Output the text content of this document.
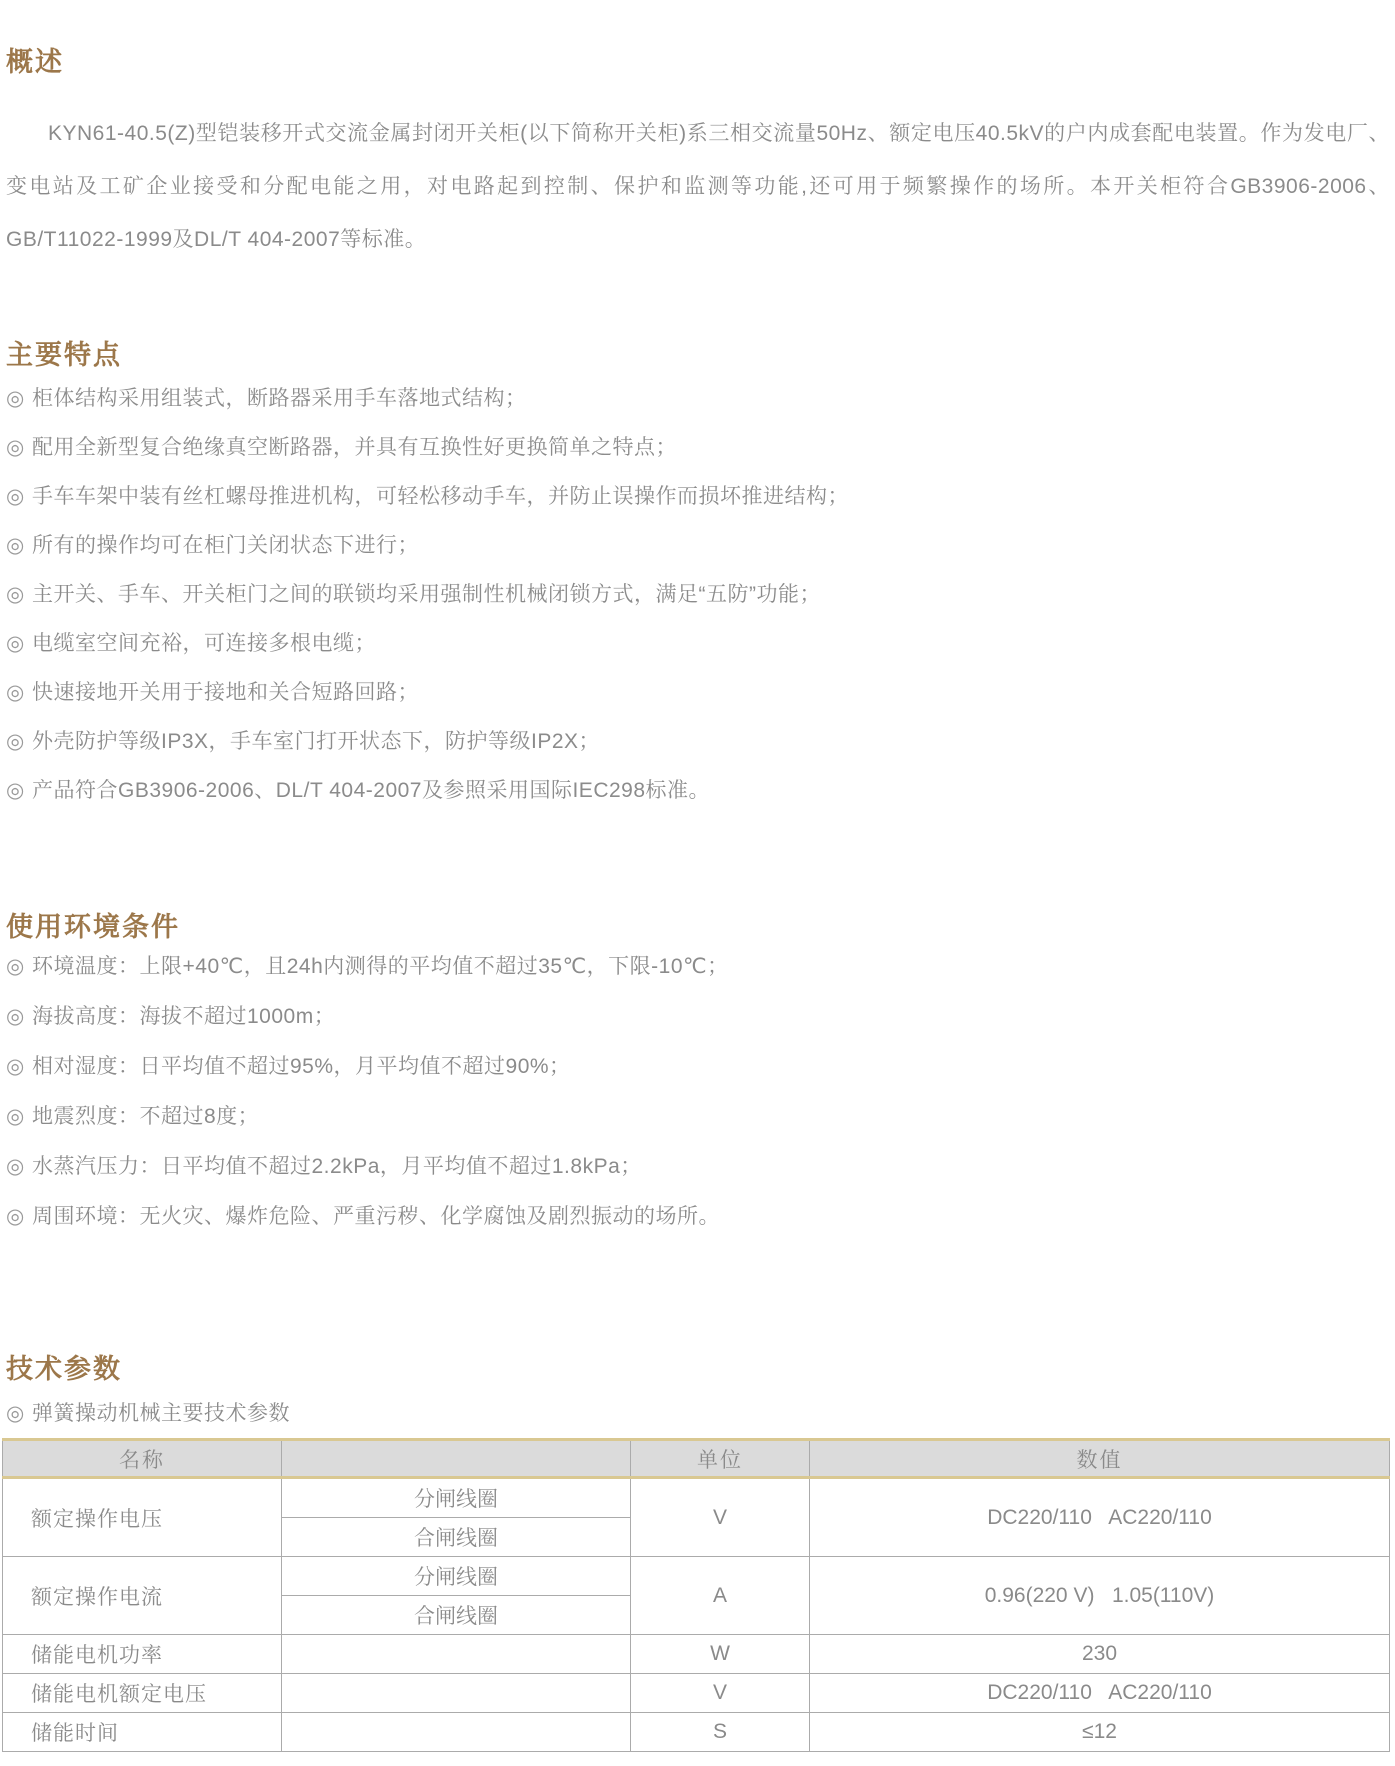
概述

KYN61-40.5(Z)型铠装移开式交流金属封闭开关柜(以下简称开关柜)系三相交流量50Hz、额定电压40.5kV的户内成套配电装置。作为发电厂、变电站及工矿企业接受和分配电能之用，对电路起到控制、保护和监测等功能,还可用于频繁操作的场所。本开关柜符合GB3906-2006、GB/T11022-1999及DL/T 404-2007等标准。

主要特点
◎ 柜体结构采用组装式，断路器采用手车落地式结构；
◎ 配用全新型复合绝缘真空断路器，并具有互换性好更换简单之特点；
◎ 手车车架中装有丝杠螺母推进机构，可轻松移动手车，并防止误操作而损坏推进结构；
◎ 所有的操作均可在柜门关闭状态下进行；
◎ 主开关、手车、开关柜门之间的联锁均采用强制性机械闭锁方式，满足“五防”功能；
◎ 电缆室空间充裕，可连接多根电缆；
◎ 快速接地开关用于接地和关合短路回路；
◎ 外壳防护等级IP3X，手车室门打开状态下，防护等级IP2X；
◎ 产品符合GB3906-2006、DL/T 404-2007及参照采用国际IEC298标准。
使用环境条件
◎ 环境温度：上限+40℃，且24h内测得的平均值不超过35℃，下限-10℃；
◎ 海拔高度：海拔不超过1000m；
◎ 相对湿度：日平均值不超过95%，月平均值不超过90%；
◎ 地震烈度：不超过8度；
◎ 水蒸汽压力：日平均值不超过2.2kPa，月平均值不超过1.8kPa；
◎ 周围环境：无火灾、爆炸危险、严重污秽、化学腐蚀及剧烈振动的场所。
技术参数
◎ 弹簧操动机械主要技术参数
名称		单位	数值
额定操作电压	分闸线圈	V	DC220/110   AC220/110
	合闸线圈		
额定操作电流	分闸线圈	A	0.96(220 V)   1.05(110V)
	合闸线圈		
储能电机功率		W	230
储能电机额定电压		V	DC220/110   AC220/110
储能时间		S	≤12
